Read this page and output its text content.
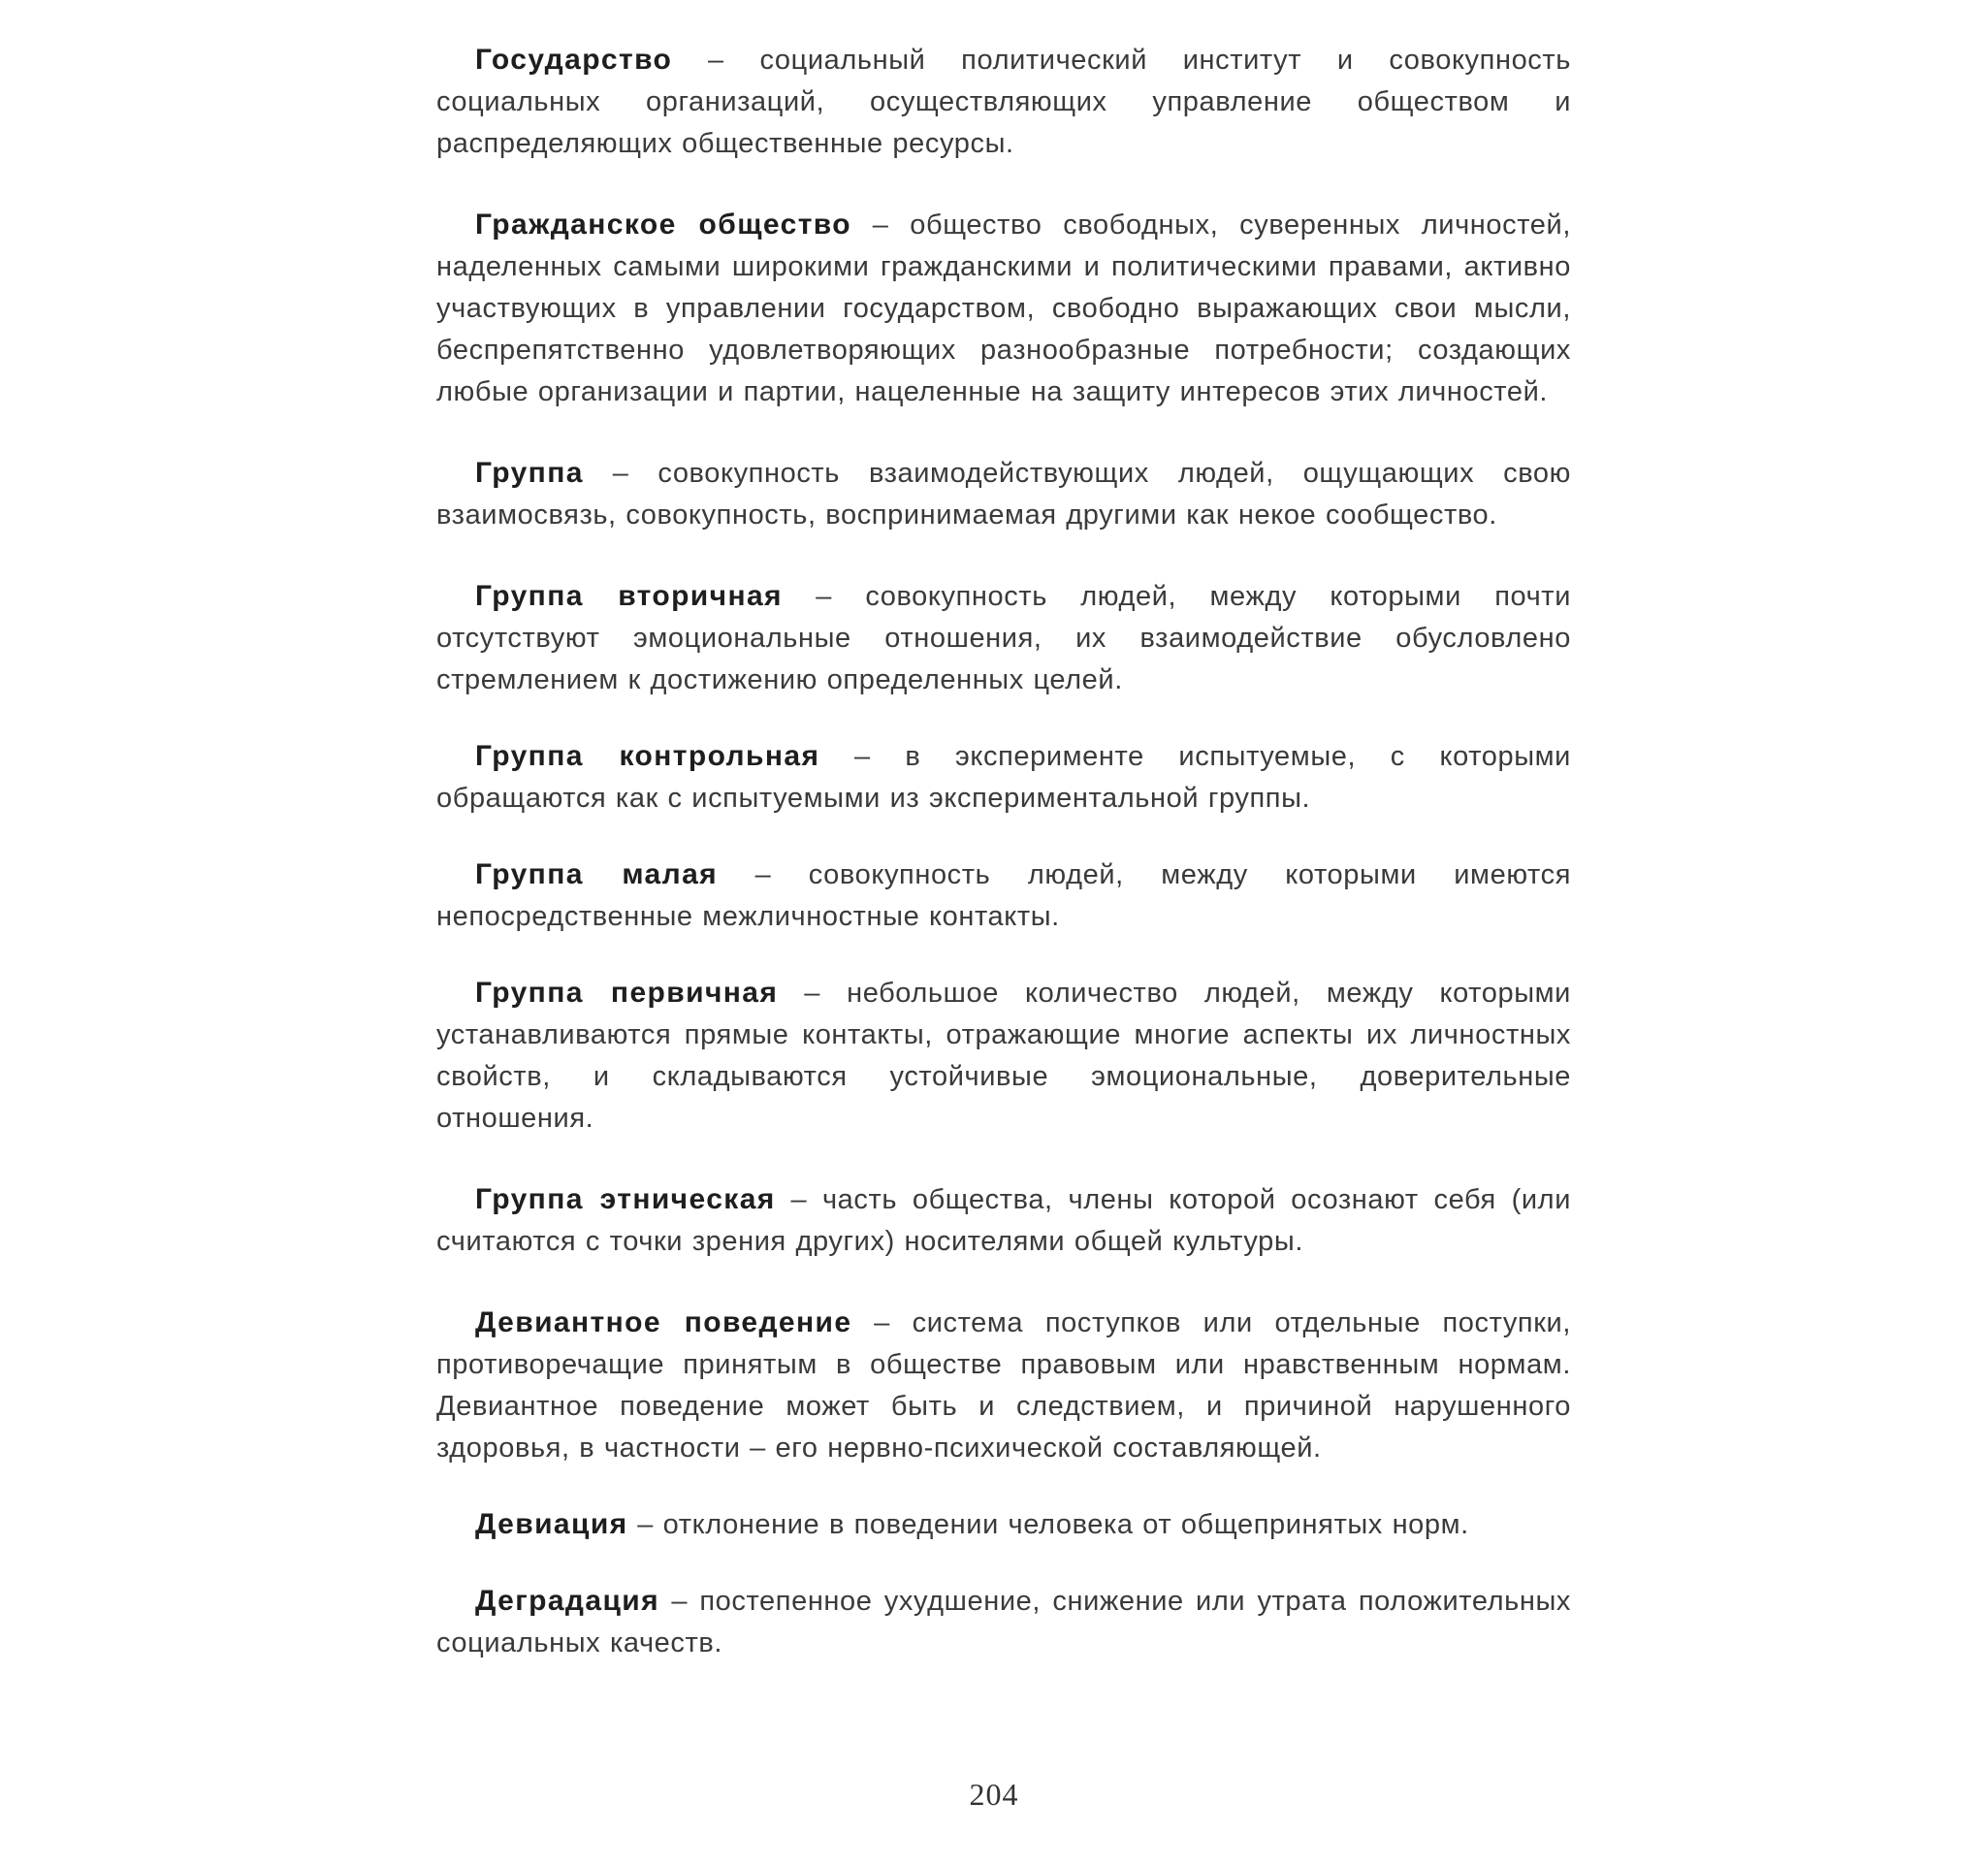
Государство – социальный политический институт и совокупность социальных организаций, осуществляющих управление обществом и распределяющих общественные ресурсы.

Гражданское общество – общество свободных, суверенных личностей, наделенных самыми широкими гражданскими и политическими правами, активно участвующих в управлении государством, свободно выражающих свои мысли, беспрепятственно удовлетворяющих разнообразные потребности; создающих любые организации и партии, нацеленные на защиту интересов этих личностей.

Группа – совокупность взаимодействующих людей, ощущающих свою взаимосвязь, совокупность, воспринимаемая другими как некое сообщество.

Группа вторичная – совокупность людей, между которыми почти отсутствуют эмоциональные отношения, их взаимодействие обусловлено стремлением к достижению определенных целей.

Группа контрольная – в эксперименте испытуемые, с которыми обращаются как с испытуемыми из экспериментальной группы.

Группа малая – совокупность людей, между которыми имеются непосредственные межличностные контакты.

Группа первичная – небольшое количество людей, между которыми устанавливаются прямые контакты, отражающие многие аспекты их личностных свойств, и складываются устойчивые эмоциональные, доверительные отношения.

Группа этническая – часть общества, члены которой осознают себя (или считаются с точки зрения других) носителями общей культуры.

Девиантное поведение – система поступков или отдельные поступки, противоречащие принятым в обществе правовым или нравственным нормам. Девиантное поведение может быть и следствием, и причиной нарушенного здоровья, в частности – его нервно-психической составляющей.

Девиация – отклонение в поведении человека от общепринятых норм.

Деградация – постепенное ухудшение, снижение или утрата положительных социальных качеств.

204
